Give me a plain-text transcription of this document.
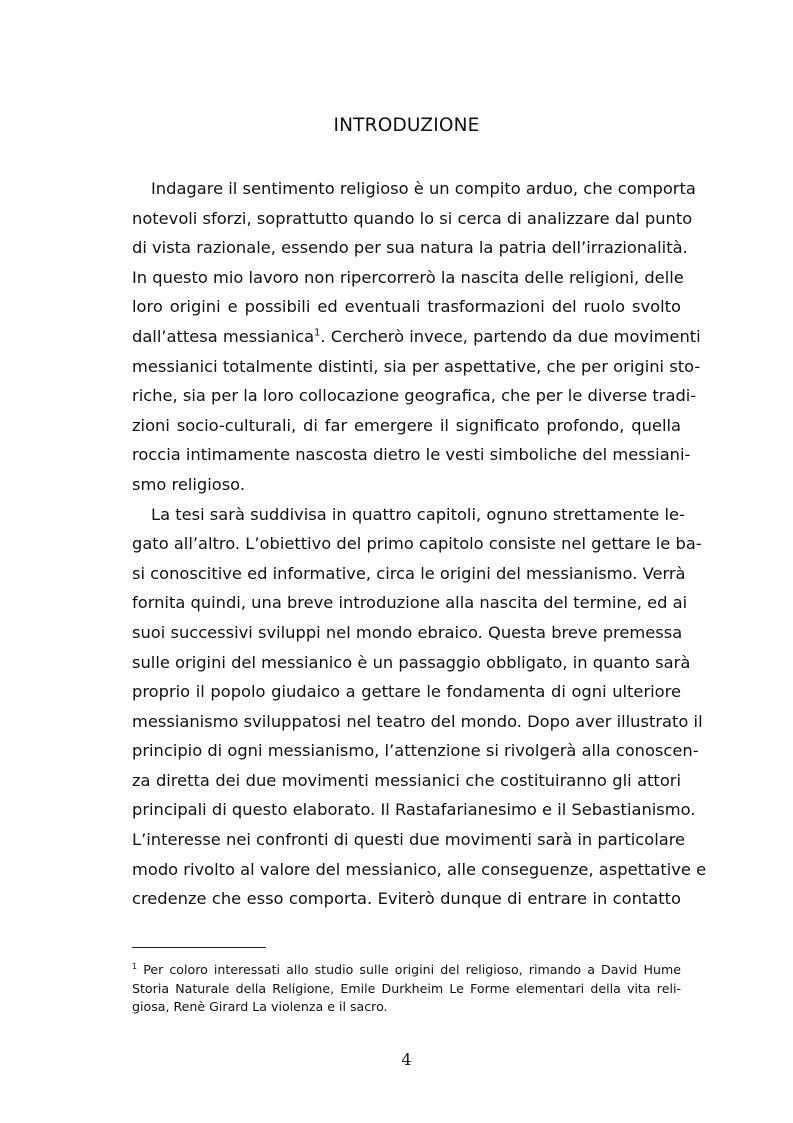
INTRODUZIONE
Indagare il sentimento religioso è un compito arduo, che comporta
notevoli sforzi, soprattutto quando lo si cerca di analizzare dal punto
di vista razionale, essendo per sua natura la patria dell’irrazionalità.
In questo mio lavoro non ripercorrerò la nascita delle religioni, delle
loro origini e possibili ed eventuali trasformazioni del ruolo svolto
dall’attesa messianica$^1$. Cercherò invece, partendo da due movimenti
messianici totalmente distinti, sia per aspettative, che per origini sto-
riche, sia per la loro collocazione geografica, che per le diverse tradi-
zioni socio-culturali, di far emergere il significato profondo, quella
roccia intimamente nascosta dietro le vesti simboliche del messiani-
smo religioso.
La tesi sarà suddivisa in quattro capitoli, ognuno strettamente le-
gato all’altro. L’obiettivo del primo capitolo consiste nel gettare le ba-
si conoscitive ed informative, circa le origini del messianismo. Verrà
fornita quindi, una breve introduzione alla nascita del termine, ed ai
suoi successivi sviluppi nel mondo ebraico. Questa breve premessa
sulle origini del messianico è un passaggio obbligato, in quanto sarà
proprio il popolo giudaico a gettare le fondamenta di ogni ulteriore
messianismo sviluppatosi nel teatro del mondo. Dopo aver illustrato il
principio di ogni messianismo, l’attenzione si rivolgerà alla conoscen-
za diretta dei due movimenti messianici che costituiranno gli attori
principali di questo elaborato. Il Rastafarianesimo e il Sebastianismo.
L’interesse nei confronti di questi due movimenti sarà in particolare
modo rivolto al valore del messianico, alle conseguenze, aspettative e
credenze che esso comporta. Eviterò dunque di entrare in contatto
$^1$ Per coloro interessati allo studio sulle origini del religioso, rimando a David Hume
Storia Naturale della Religione, Emile Durkheim Le Forme elementari della vita reli-
giosa, Renè Girard La violenza e il sacro.
4
